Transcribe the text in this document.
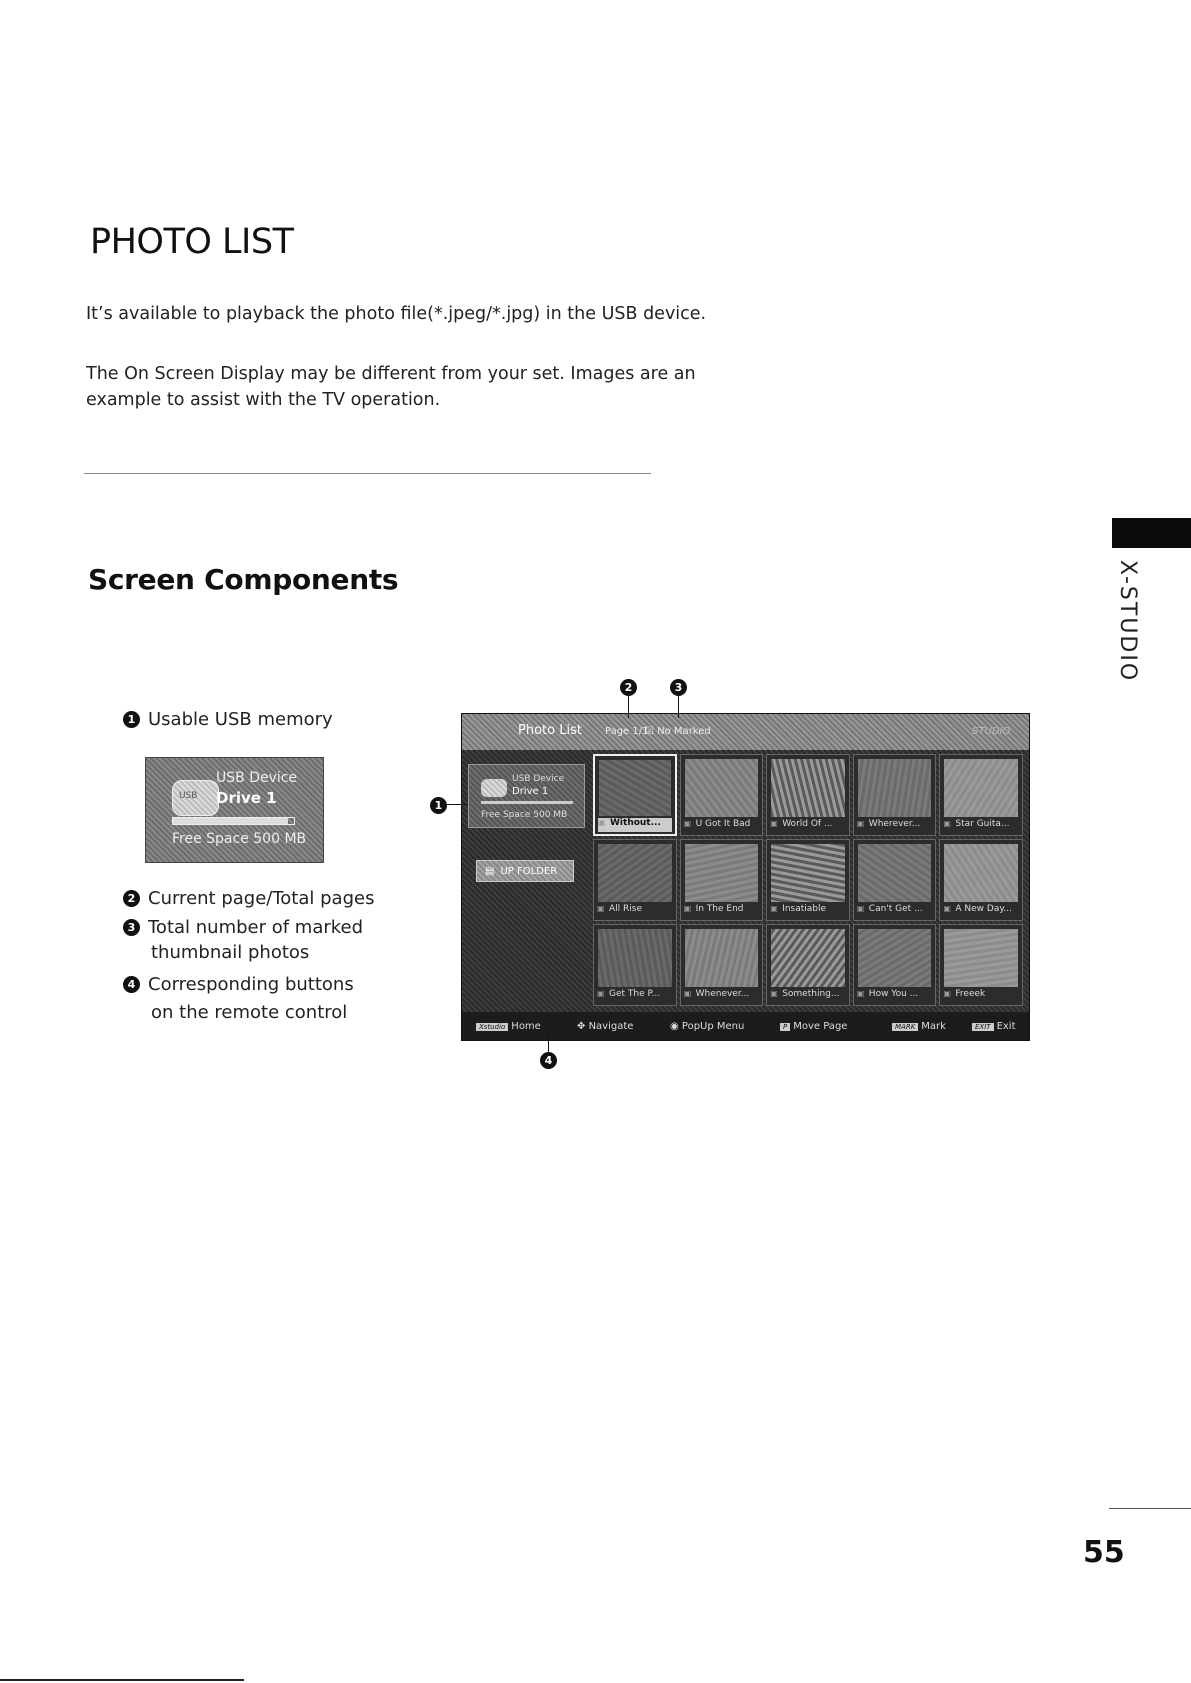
PHOTO LIST

It’s available to playback the photo file(*.jpeg/*.jpg) in the USB device.

The On Screen Display may be different from your set. Images are an

example to assist with the TV operation.

Screen Components	X-STUDIO
1 Usable USB memory
USB
USB Device
Drive 1
Free Space 500 MB
2 Current page/Total pages
3 Total number of marked
thumbnail photos
4 Corresponding buttons
on the remote control
Photo List Page 1/1
☑ No Marked	STUDIO
USB Device
Drive 1
Free Space 500 MB
▤ UP FOLDER
▣ Without...	▣ U Got It Bad	▣ World Of ...	▣ Wherever...	▣ Star Guita...
▣ All Rise	▣ In The End	▣ Insatiable	▣ Can't Get ...	▣ A New Day...
▣ Get The P...	▣ Whenever...	▣ Something...	▣ How You ...	▣ Freeek
Xstudio Home	✥ Navigate	◉ PopUp Menu	P Move Page	MARK Mark	EXIT Exit
1
2	3
4
55
